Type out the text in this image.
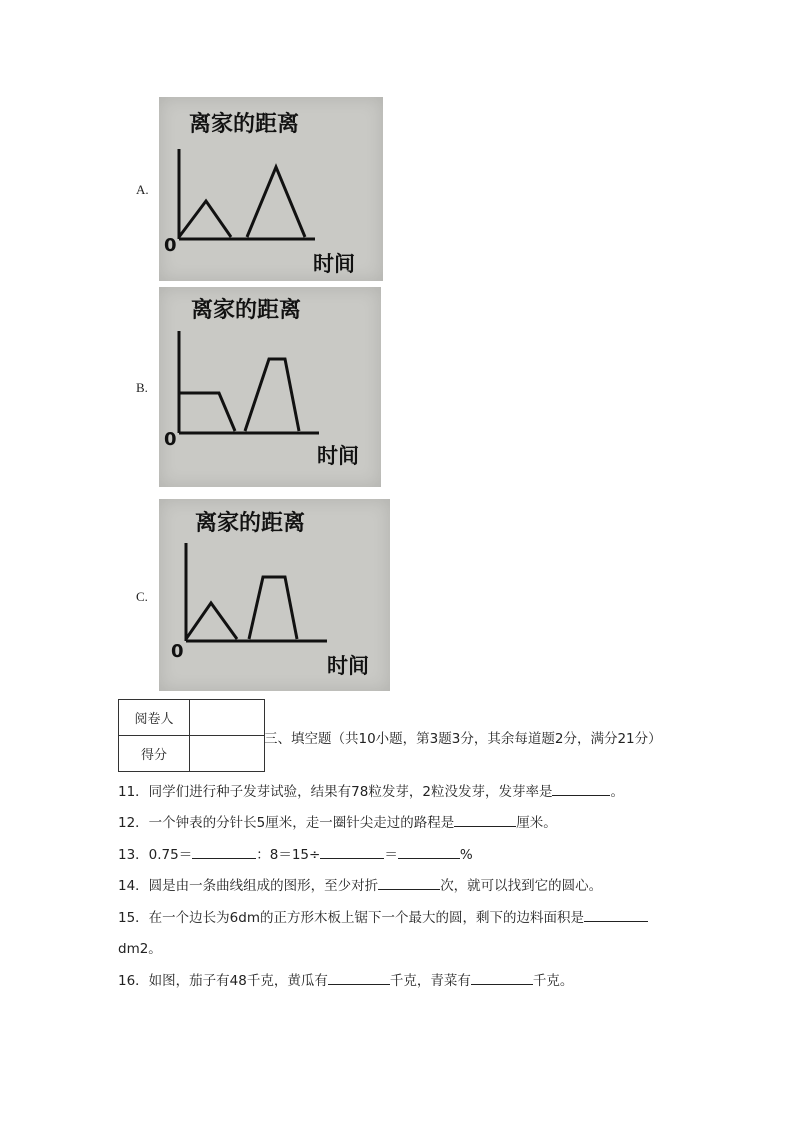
A.
离家的距离
0
时间
B.
离家的距离
0
时间
C.
离家的距离
0
时间
阅卷人	
得分	
三、填空题（共10小题，第3题3分，其余每道题2分，满分21分）
11．同学们进行种子发芽试验，结果有78粒发芽，2粒没发芽，发芽率是	。
12．一个钟表的分针长5厘米，走一圈针尖走过的路程是	厘米。
13．0.75＝	：8＝15÷	＝	%
14．圆是由一条曲线组成的图形，至少对折	次，就可以找到它的圆心。
15．在一个边长为6dm的正方形木板上锯下一个最大的圆，剩下的边料面积是
dm2。
16．如图，茄子有48千克，黄瓜有	千克，青菜有	千克。
